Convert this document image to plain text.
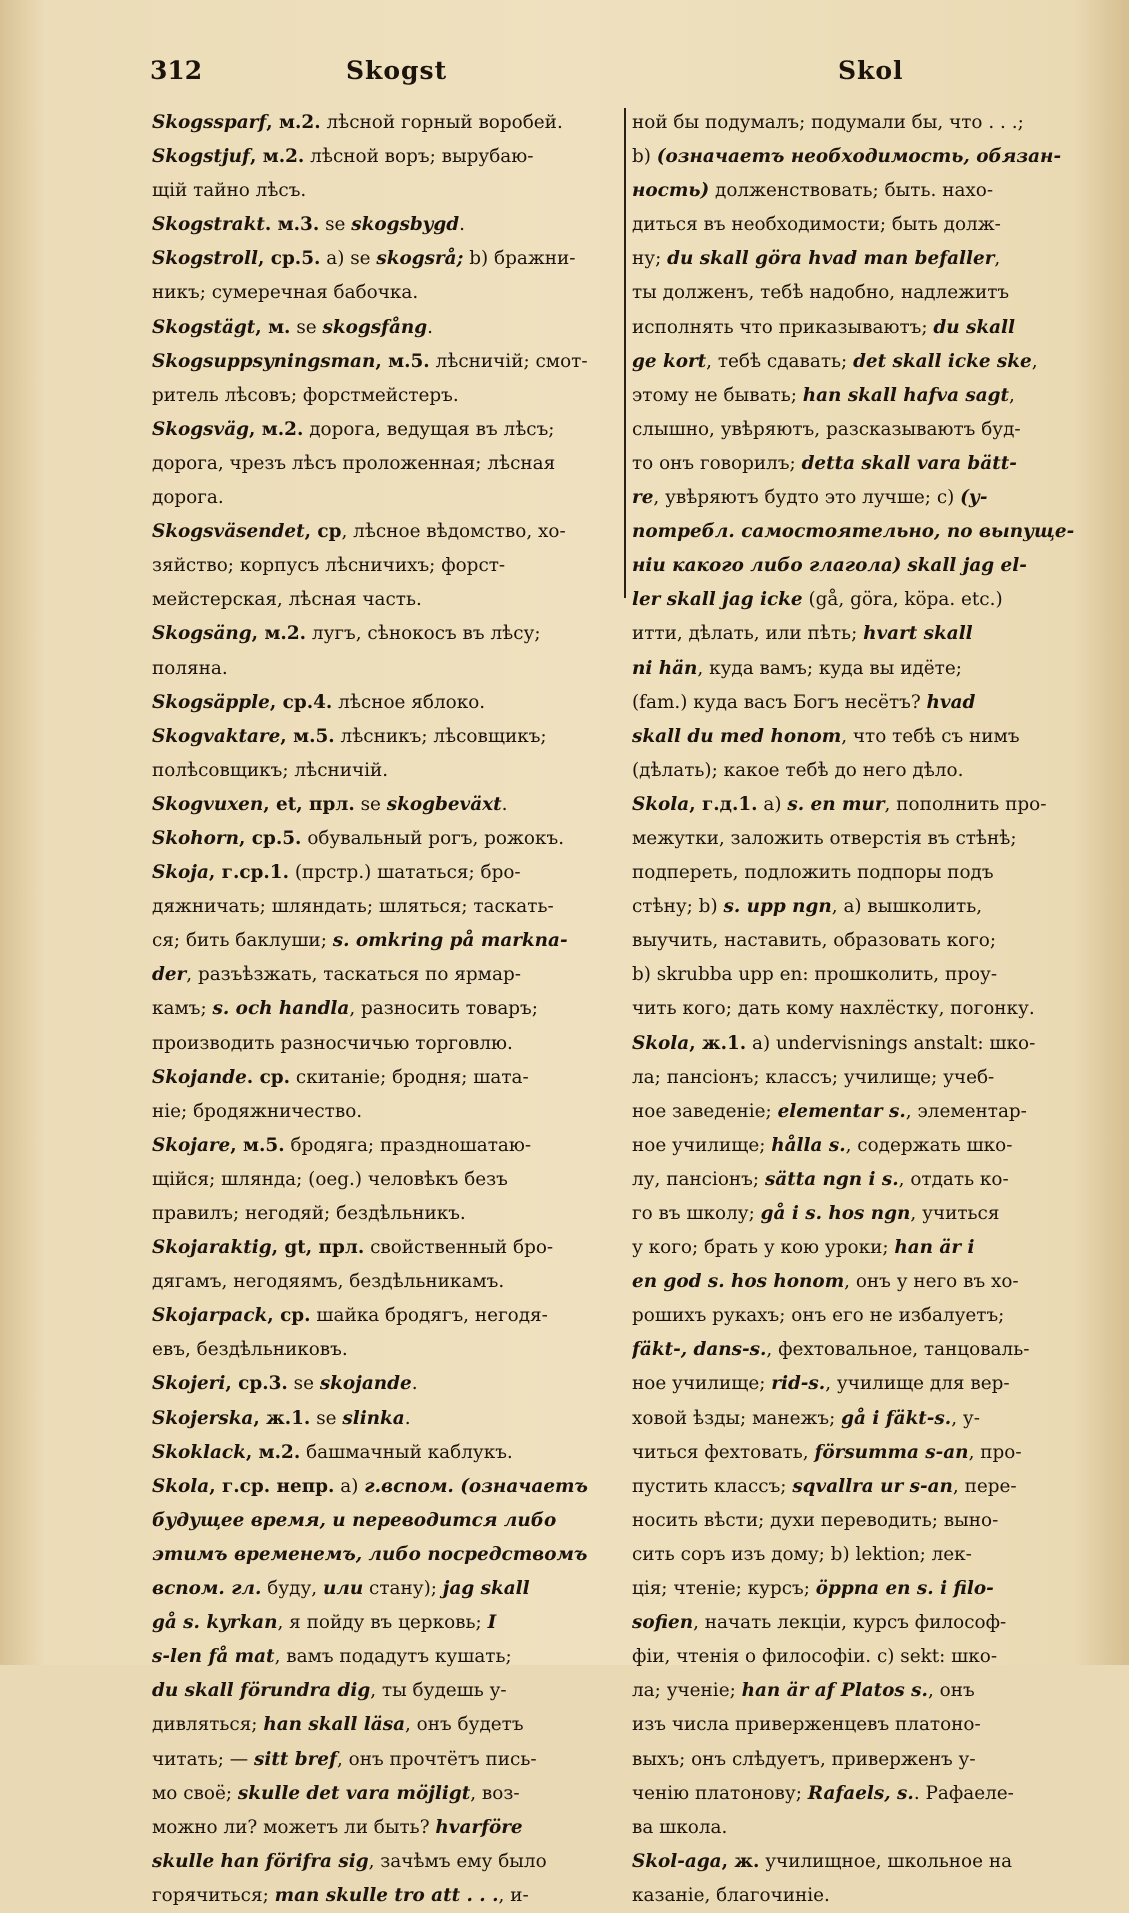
312	Skogst	Skol
Skogssparf, м.2. лѣсной горный воробей.
Skogstjuf, м.2. лѣсной воръ; вырубаю-
щій тайно лѣсъ.
Skogstrakt. м.3. se skogsbygd.
Skogstroll, ср.5. a) se skogsrå; b) бражни-
никъ; сумеречная бабочка.
Skogstägt, м. se skogsfång.
Skogsuppsyningsman, м.5. лѣсничій; смот-
ритель лѣсовъ; форстмейстеръ.
Skogsväg, м.2. дорога, ведущая въ лѣсъ;
дорога, чрезъ лѣсъ проложенная; лѣсная
дорога.
Skogsväsendet, ср, лѣсное вѣдомство, хо-
зяйство; корпусъ лѣсничихъ; форст-
мейстерская, лѣсная часть.
Skogsäng, м.2. лугъ, сѣнокосъ въ лѣсу;
поляна.
Skogsäpple, ср.4. лѣсное яблоко.
Skogvaktare, м.5. лѣсникъ; лѣсовщикъ;
полѣсовщикъ; лѣсничій.
Skogvuxen, et, прл. se skogbeväxt.
Skohorn, ср.5. обувальный рогъ, рожокъ.
Skoja, г.ср.1. (прстр.) шататься; бро-
дяжничать; шляндать; шляться; таскать-
ся; бить баклуши; s. omkring på marknа-
der, разъѣзжать, таскаться по ярмар-
камъ; s. och handla, разносить товаръ;
производить разносчичью торговлю.
Skojande. ср. скитаніе; бродня; шата-
ніе; бродяжничество.
Skojare, м.5. бродяга; праздношатаю-
щійся; шлянда; (oeg.) человѣкъ безъ
правилъ; негодяй; бездѣльникъ.
Skojaraktig, gt, прл. свойственный бро-
дягамъ, негодяямъ, бездѣльникамъ.
Skojarpack, ср. шайка бродягъ, негодя-
евъ, бездѣльниковъ.
Skojeri, ср.3. se skojande.
Skojerska, ж.1. se slinka.
Skoklack, м.2. башмачный каблукъ.
Skola, г.ср. непр. a) г.вспом. (означаетъ
будущее время, и переводится либо
этимъ временемъ, либо посредствомъ
вспом. гл. буду, или стану); jag skall
gå s. kyrkan, я пойду въ церковь; I
s-len få mat, вамъ подадутъ кушать;
du skall förundra dig, ты будешь у-
дивляться; han skall läsa, онъ будетъ
читать; — sitt bref, онъ прочтётъ пись-
мо своё; skulle det vara möjligt, воз-
можно ли? можетъ ли быть? hvarföre
skulle han förifra sig, зачѣмъ ему было
горячиться; man skulle tro att . . ., и-
ной бы подумалъ; подумали бы, что . . .;
b) (означаетъ необходимость, обязан-
ность) долженствовать; быть. нахо-
диться въ необходимости; быть долж-
ну; du skall göra hvad man befaller,
ты долженъ, тебѣ надобно, надлежитъ
исполнять что приказываютъ; du skall
ge kort, тебѣ сдавать; det skall icke ske,
этому не бывать; han skall hafva sagt,
слышно, увѣряютъ, разсказываютъ буд-
то онъ говорилъ; detta skall vara bätt-
re, увѣряютъ будто это лучше; c) (у-
потребл. самостоятельно, по выпуще-
ніи какого либо глагола) skall jag el-
ler skall jag icke (gå, göra, köpa. etc.)
итти, дѣлать, или пѣть; hvart skall
ni hän, куда вамъ; куда вы идёте;
(fam.) куда васъ Богъ несётъ? hvad
skall du med honom, что тебѣ съ нимъ
(дѣлать); какое тебѣ до него дѣло.
Skola, г.д.1. a) s. en mur, пополнить про-
межутки, заложить отверстія въ стѣнѣ;
подпереть, подложить подпоры подъ
стѣну; b) s. upp ngn, a) вышколить,
выучить, наставить, образовать кого;
b) skrubba upp en: прошколить, проу-
чить кого; дать кому нахлёстку, погонку.
Skola, ж.1. a) undervisnings anstalt: шко-
ла; пансіонъ; классъ; училище; учеб-
ное заведеніе; elementar s., элементар-
ное училище; hålla s., содержать шко-
лу, пансіонъ; sätta ngn i s., отдать ко-
го въ школу; gå i s. hos ngn, учиться
у кого; брать у кою уроки; han är i
en god s. hos honom, онъ у него въ хо-
рошихъ рукахъ; онъ его не избалуетъ;
fäkt-, dans-s., фехтовальное, танцоваль-
ное училище; rid-s., училище для вер-
ховой ѣзды; манежъ; gå i fäkt-s., у-
читься фехтовать, försumma s-an, про-
пустить классъ; sqvallra ur s-an, пере-
носить вѣсти; духи переводить; выно-
сить соръ изъ дому; b) lektion; лек-
ція; чтеніе; курсъ; öppna en s. i filo-
sofien, начать лекціи, курсъ философ-
фіи, чтенія о философіи. c) sekt: шко-
ла; ученіе; han är af Platos s., онъ
изъ числа приверженцевъ платоно-
выхъ; онъ слѣдуетъ, приверженъ у-
ченію платонову; Rafaels, s.. Рафаеле-
ва школа.
Skol-aga, ж. училищное, школьное на
казаніе, благочиніе.
